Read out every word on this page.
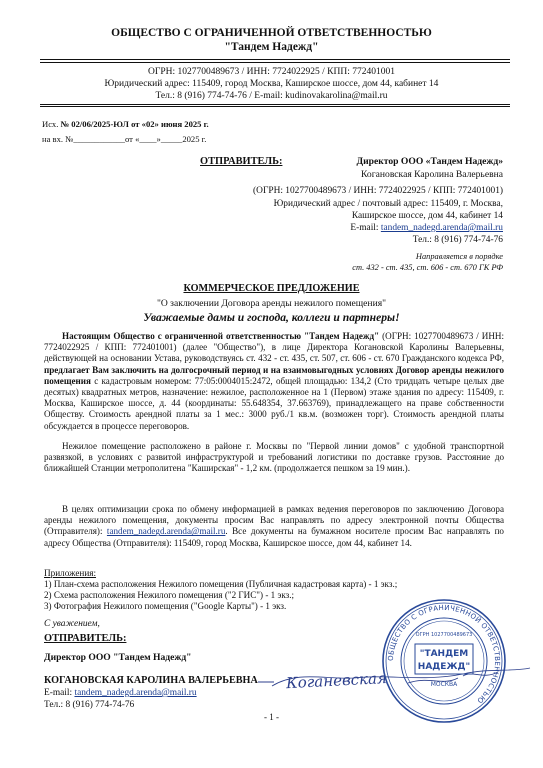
ОБЩЕСТВО С ОГРАНИЧЕННОЙ ОТВЕТСТВЕННОСТЬЮ
"Тандем Надежд"
ОГРН: 1027700489673 / ИНН: 7724022925 / КПП: 772401001
Юридический адрес: 115409, город Москва, Каширское шоссе, дом 44, кабинет 14
Тел.: 8 (916) 774-74-76 / E-mail: kudinovakarolina@mail.ru
Исх. № 02/06/2025-ЮЛ от «02» июня 2025 г.
на вх. №____________от «____»_____2025 г.
ОТПРАВИТЕЛЬ:	Директор ООО «Тандем Надежд»
Когановская Каролина Валерьевна
(ОГРН: 1027700489673 / ИНН: 7724022925 / КПП: 772401001)
Юридический адрес / почтовый адрес: 115409, г. Москва,
Каширское шоссе, дом 44, кабинет 14
E-mail: tandem_nadegd.arenda@mail.ru
Тел.: 8 (916) 774-74-76
Направляется в порядке
ст. 432 - ст. 435, ст. 606 - ст. 670 ГК РФ
КОММЕРЧЕСКОЕ ПРЕДЛОЖЕНИЕ
"О заключении Договора аренды нежилого помещения"
Уважаемые дамы и господа, коллеги и партнеры!
Настоящим Общество с ограниченной ответственностью "Тандем Надежд" (ОГРН: 1027700489673 / ИНН: 7724022925 / КПП: 772401001) (далее "Общество"), в лице Директора Когановской Каролины Валерьевны, действующей на основании Устава, руководствуясь ст. 432 - ст. 435, ст. 507, ст. 606 - ст. 670 Гражданского кодекса РФ, предлагает Вам заключить на долгосрочный период и на взаимовыгодных условиях Договор аренды нежилого помещения с кадастровым номером: 77:05:0004015:2472, общей площадью: 134,2 (Сто тридцать четыре целых две десятых) квадратных метров, назначение: нежилое, расположенное на 1 (Первом) этаже здания по адресу: 115409, г. Москва, Каширское шоссе, д. 44 (координаты: 55.648354, 37.663769), принадлежащего на праве собственности Обществу. Стоимость арендной платы за 1 мес.: 3000 руб./1 кв.м. (возможен торг). Стоимость арендной платы обсуждается в процессе переговоров.
Нежилое помещение расположено в районе г. Москвы по "Первой линии домов" с удобной транспортной развязкой, в условиях с развитой инфраструктурой и требований логистики по доставке грузов. Расстояние до ближайшей Станции метрополитена "Каширская" - 1,2 км. (продолжается пешком за 19 мин.).
В целях оптимизации срока по обмену информацией в рамках ведения переговоров по заключению Договора аренды нежилого помещения, документы просим Вас направлять по адресу электронной почты Общества (Отправителя): tandem_nadegd.arenda@mail.ru. Все документы на бумажном носителе просим Вас направлять по адресу Общества (Отправителя): 115409, город Москва, Каширское шоссе, дом 44, кабинет 14.
Приложения:
1) План-схема расположения Нежилого помещения (Публичная кадастровая карта) - 1 экз.;
2) Схема расположения Нежилого помещения ("2 ГИС") - 1 экз.;
3) Фотография Нежилого помещения ("Google Карты") - 1 экз.
С уважением,
ОТПРАВИТЕЛЬ:
Директор ООО "Тандем Надежд"
КОГАНОВСКАЯ КАРОЛИНА ВАЛЕРЬЕВНА
E-mail: tandem_nadegd.arenda@mail.ru
Тел.: 8 (916) 774-74-76
Коганевская
ОБЩЕСТВО С ОГРАНИЧЕННОЙ ОТВЕТСТВЕННОСТЬЮ
"ТАНДЕМ
НАДЕЖД"
МОСКВА
ОГРН 1027700489673
- 1 -
